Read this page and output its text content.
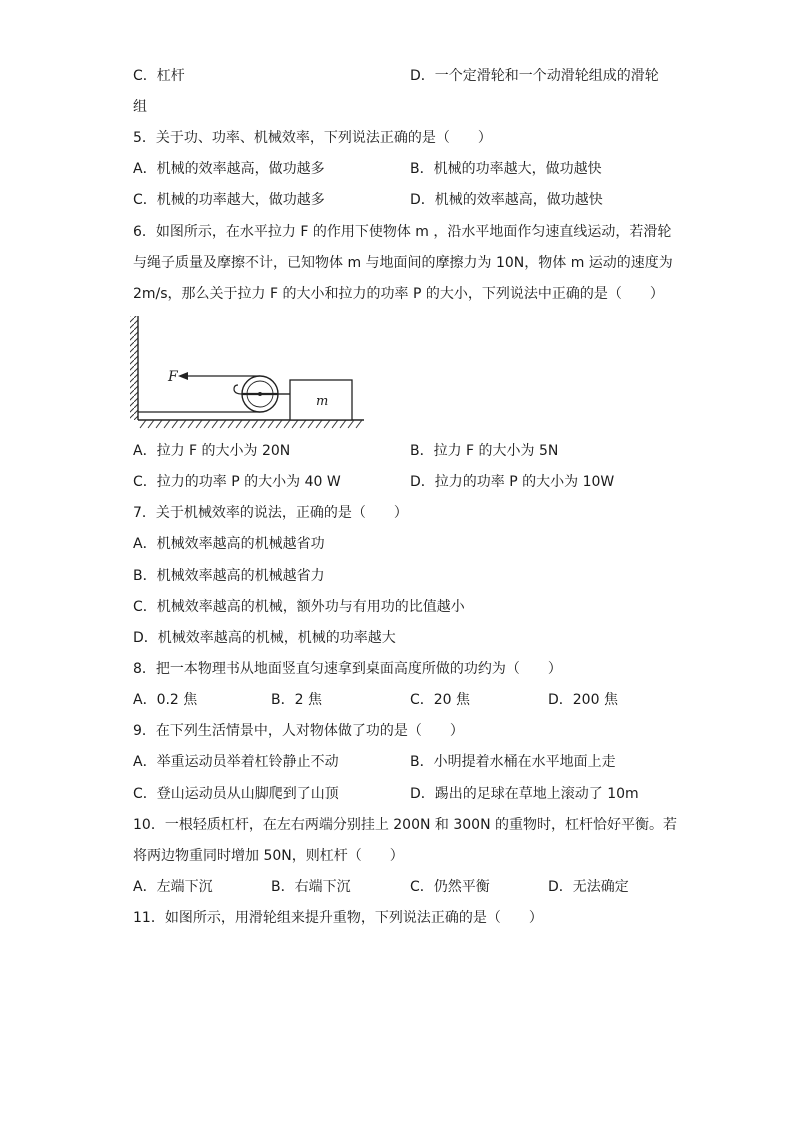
C．杠杆	D．一个定滑轮和一个动滑轮组成的滑轮
组
5．关于功、功率、机械效率，下列说法正确的是（　　）
A．机械的效率越高，做功越多	B．机械的功率越大，做功越快
C．机械的功率越大，做功越多	D．机械的效率越高，做功越快
6．如图所示，在水平拉力 F 的作用下使物体 m ，沿水平地面作匀速直线运动，若滑轮
与绳子质量及摩擦不计，已知物体 m 与地面间的摩擦力为 10N，物体 m 运动的速度为
2m/s，那么关于拉力 F 的大小和拉力的功率 P 的大小，下列说法中正确的是（　　）
F
m
A．拉力 F 的大小为 20N	B．拉力 F 的大小为 5N
C．拉力的功率 P 的大小为 40 W	D．拉力的功率 P 的大小为 10W
7．关于机械效率的说法，正确的是（　　）
A．机械效率越高的机械越省功
B．机械效率越高的机械越省力
C．机械效率越高的机械，额外功与有用功的比值越小
D．机械效率越高的机械，机械的功率越大
8．把一本物理书从地面竖直匀速拿到桌面高度所做的功约为（　　）
A．0.2 焦	B．2 焦	C．20 焦	D．200 焦
9．在下列生活情景中，人对物体做了功的是（　　）
A．举重运动员举着杠铃静止不动	B．小明提着水桶在水平地面上走
C．登山运动员从山脚爬到了山顶	D．踢出的足球在草地上滚动了 10m
10．一根轻质杠杆，在左右两端分别挂上 200N 和 300N 的重物时，杠杆恰好平衡。若
将两边物重同时增加 50N，则杠杆（　　）
A．左端下沉	B．右端下沉	C．仍然平衡	D．无法确定
11．如图所示，用滑轮组来提升重物，下列说法正确的是（　　）
